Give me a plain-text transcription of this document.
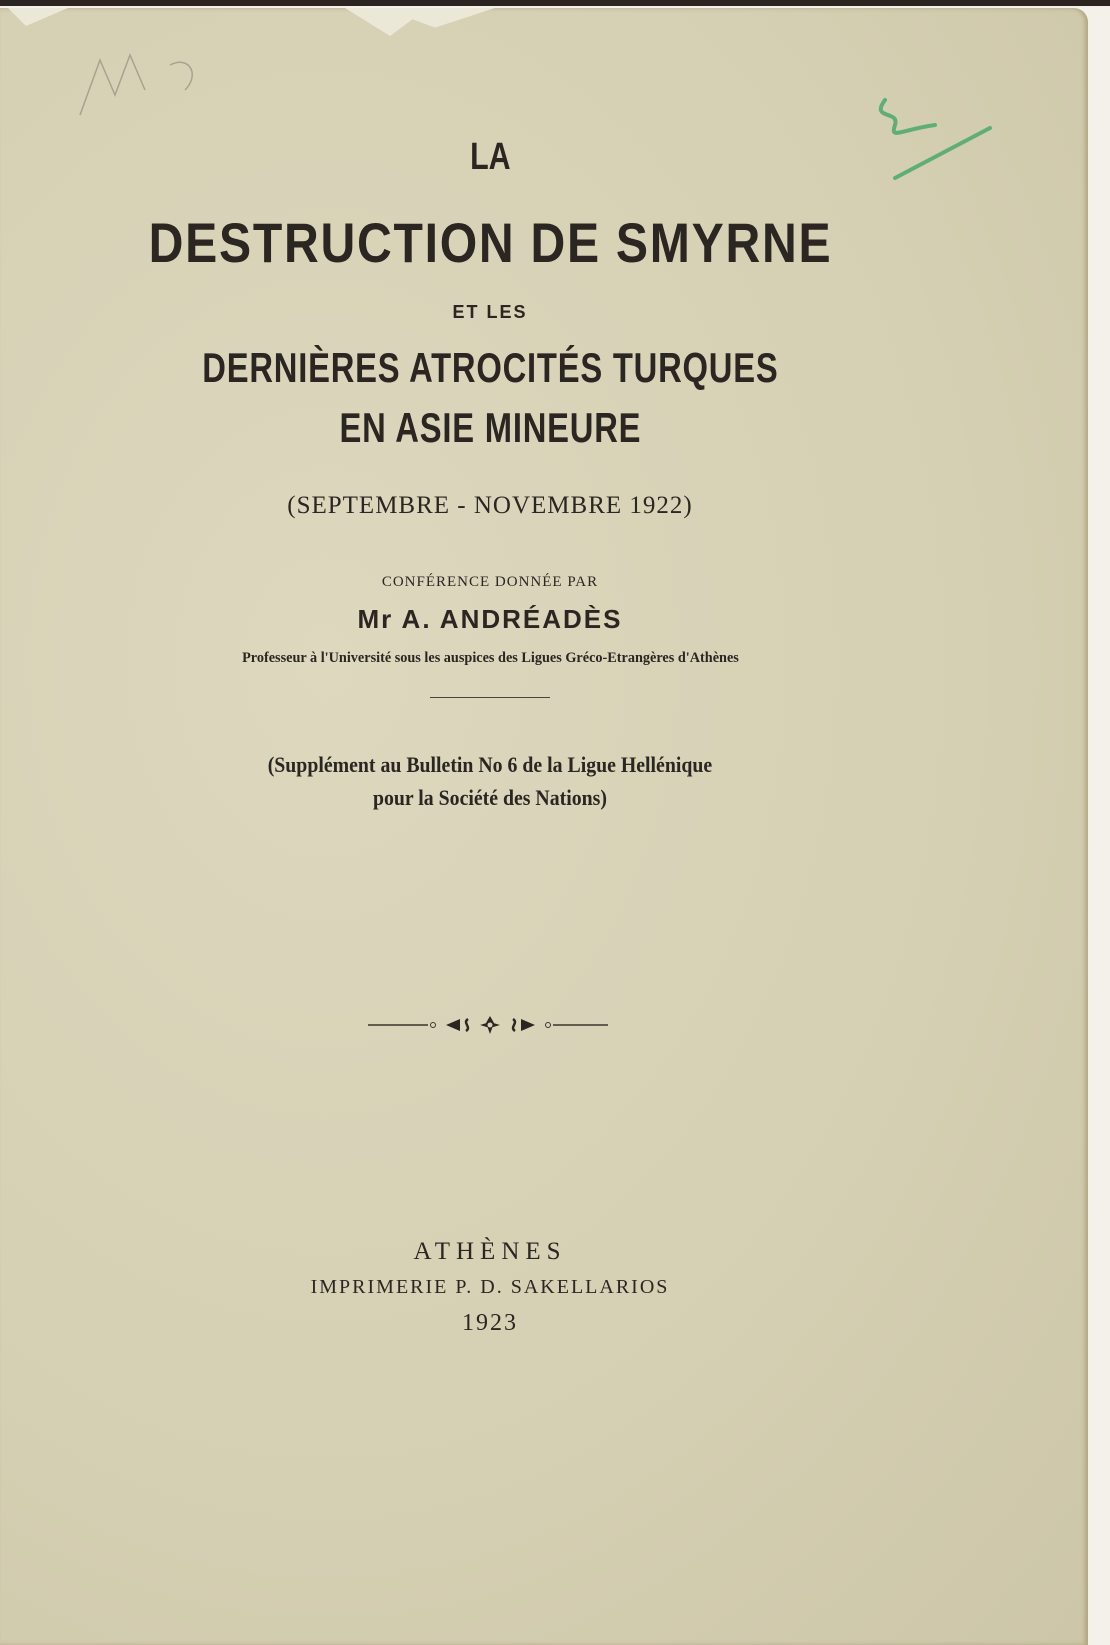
LA
DESTRUCTION DE SMYRNE
ET LES
DERNIÈRES ATROCITÉS TURQUES
EN ASIE MINEURE
(SEPTEMBRE - NOVEMBRE 1922)
CONFÉRENCE DONNÉE PAR
Mr A. ANDRÉADÈS
Professeur à l'Université sous les auspices des Ligues Gréco-Etrangères d'Athènes
(Supplément au Bulletin No 6 de la Ligue Hellénique
pour la Société des Nations)
ATHÈNES
IMPRIMERIE P. D. SAKELLARIOS
1923
